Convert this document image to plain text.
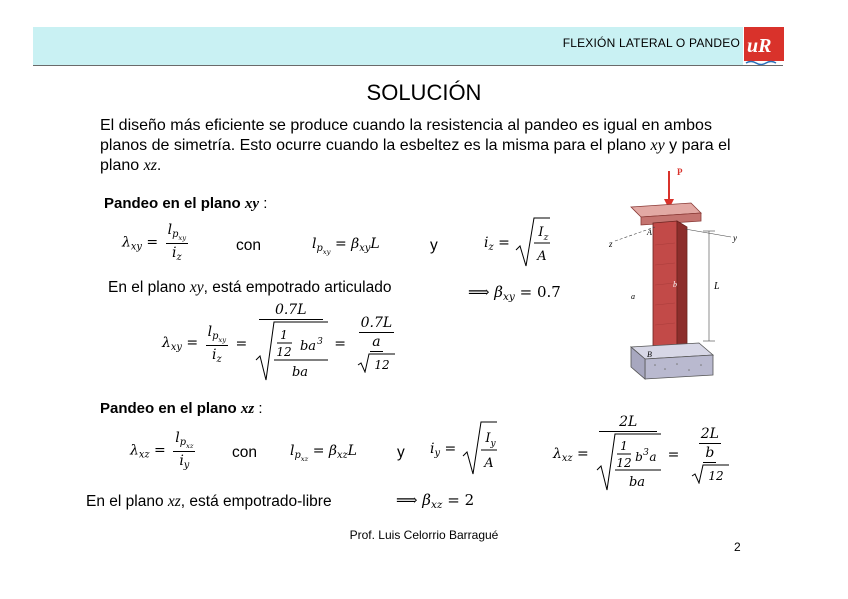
FLEXIÓN LATERAL O PANDEO uR
SOLUCIÓN
El diseño más eficiente se produce cuando la resistencia al pandeo es igual en ambos planos de simetría. Esto ocurre cuando la esbeltez es la misma para el plano xy y para el plano xz.
Pandeo en el plano xy :
$\lambda_{xy} = \frac{l_{p_{xy}}}{i_z}$	con	$l_{p_{xy}} = \beta_{xy}L$	y	$i_z$ =
I z
A
En el plano xy, está empotrado articulado	⟹ $\beta_{xy} = 0.7$
$\lambda_{xy} = \frac{l_{p_{xy}}}{i_z}$ =
0.7L
1
12 ba 3
ba
= $\frac{0.7L}{\frac{a}{12}}$
Pandeo en el plano xz :
$\lambda_{xz} = \frac{l_{p_{xz}}}{i_y}$ con $l_{p_{xz}} = \beta_{xz}L$	y $i_y$ =
I y
A
$\lambda_{xz}$ =
2L
1
12 b 3 a
ba
= $\frac{2L}{\frac{b}{12}}$
En el plano xz, está empotrado-libre	⟹ $\beta_{xz} = 2$
P
z
y
A
B
a
b	L
Prof. Luis Celorrio Barragué
2
